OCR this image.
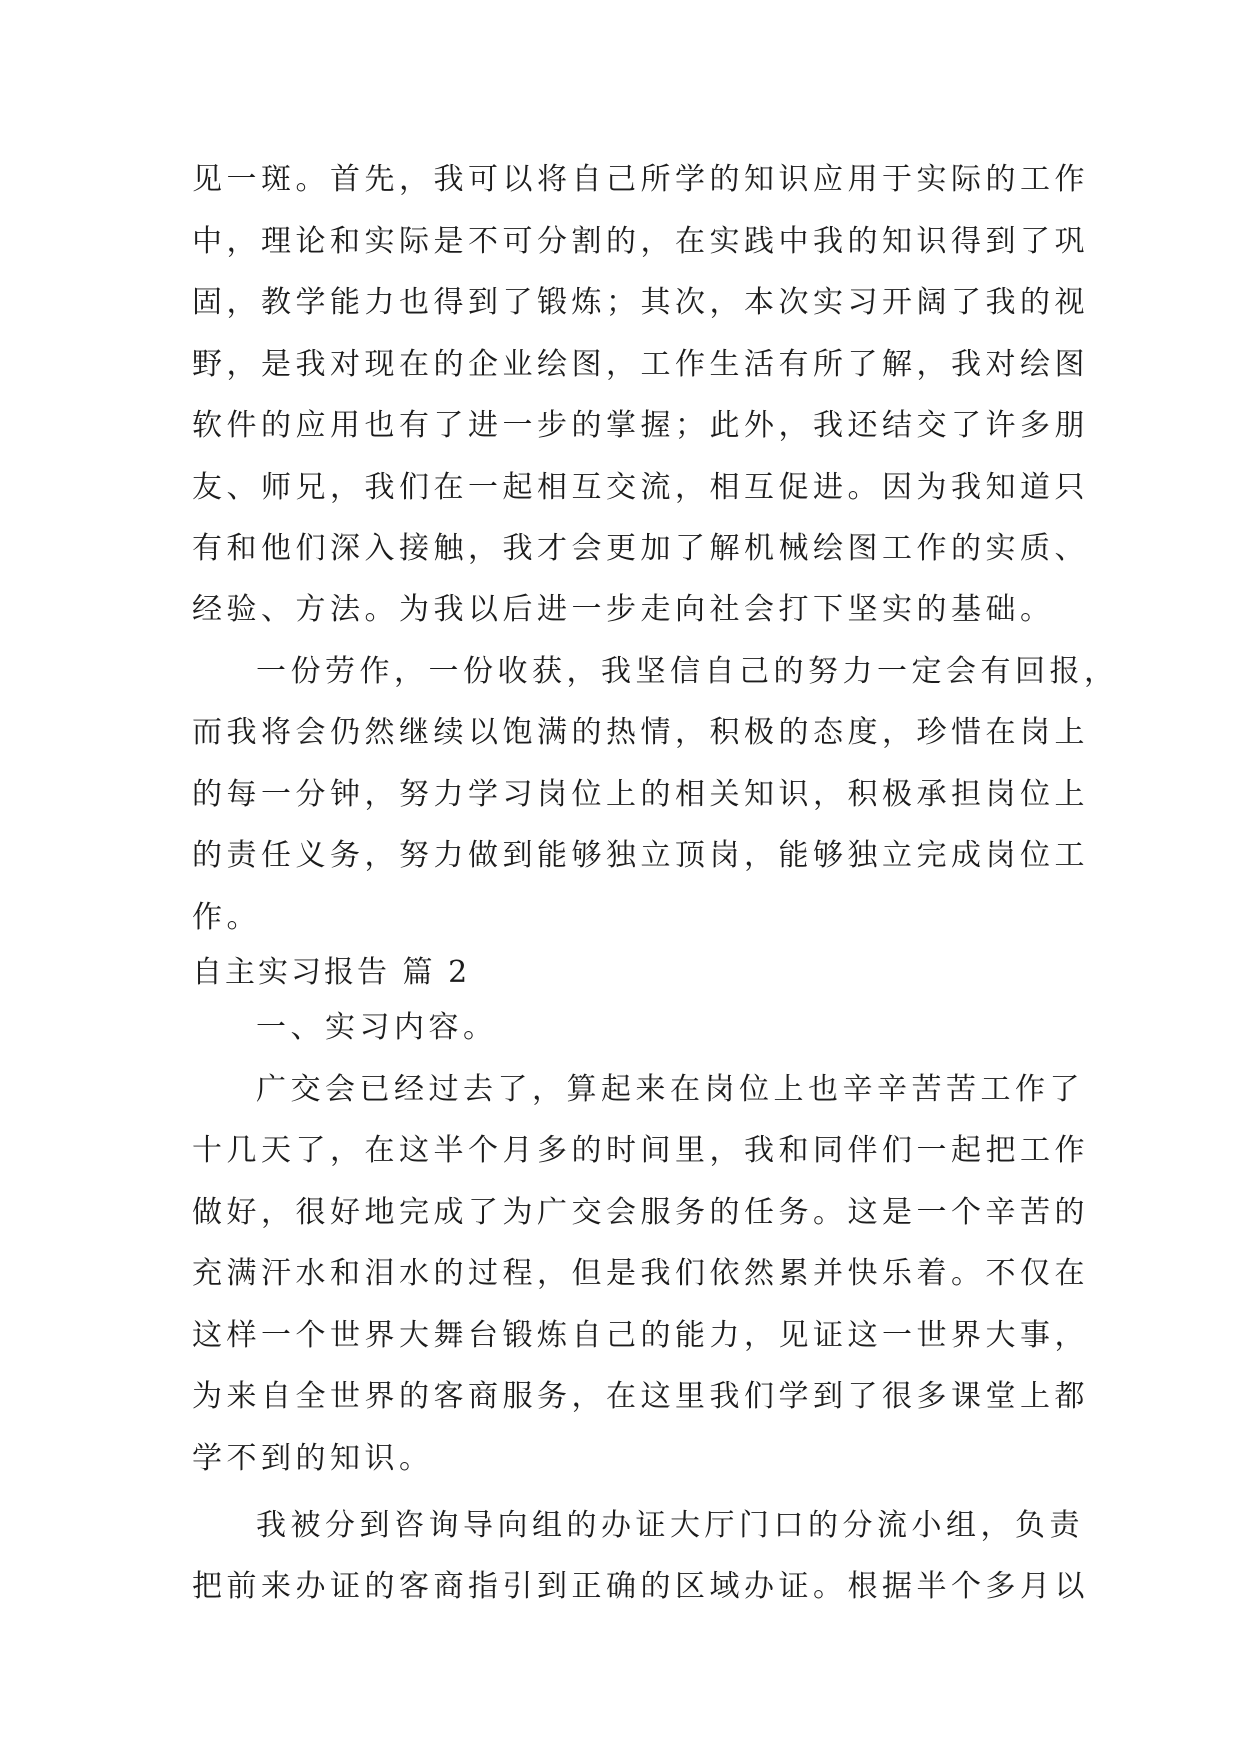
见一斑。首先，我可以将自己所学的知识应用于实际的工作
中，理论和实际是不可分割的，在实践中我的知识得到了巩
固，教学能力也得到了锻炼；其次，本次实习开阔了我的视
野，是我对现在的企业绘图，工作生活有所了解，我对绘图
软件的应用也有了进一步的掌握；此外，我还结交了许多朋
友、师兄，我们在一起相互交流，相互促进。因为我知道只
有和他们深入接触，我才会更加了解机械绘图工作的实质、
经验、方法。为我以后进一步走向社会打下坚实的基础。
一份劳作，一份收获，我坚信自己的努力一定会有回报，
而我将会仍然继续以饱满的热情，积极的态度，珍惜在岗上
的每一分钟，努力学习岗位上的相关知识，积极承担岗位上
的责任义务，努力做到能够独立顶岗，能够独立完成岗位工
作。
自主实习报告 篇 2
一、实习内容。
广交会已经过去了，算起来在岗位上也辛辛苦苦工作了
十几天了，在这半个月多的时间里，我和同伴们一起把工作
做好，很好地完成了为广交会服务的任务。这是一个辛苦的
充满汗水和泪水的过程，但是我们依然累并快乐着。不仅在
这样一个世界大舞台锻炼自己的能力，见证这一世界大事，
为来自全世界的客商服务，在这里我们学到了很多课堂上都
学不到的知识。
我被分到咨询导向组的办证大厅门口的分流小组，负责
把前来办证的客商指引到正确的区域办证。根据半个多月以
